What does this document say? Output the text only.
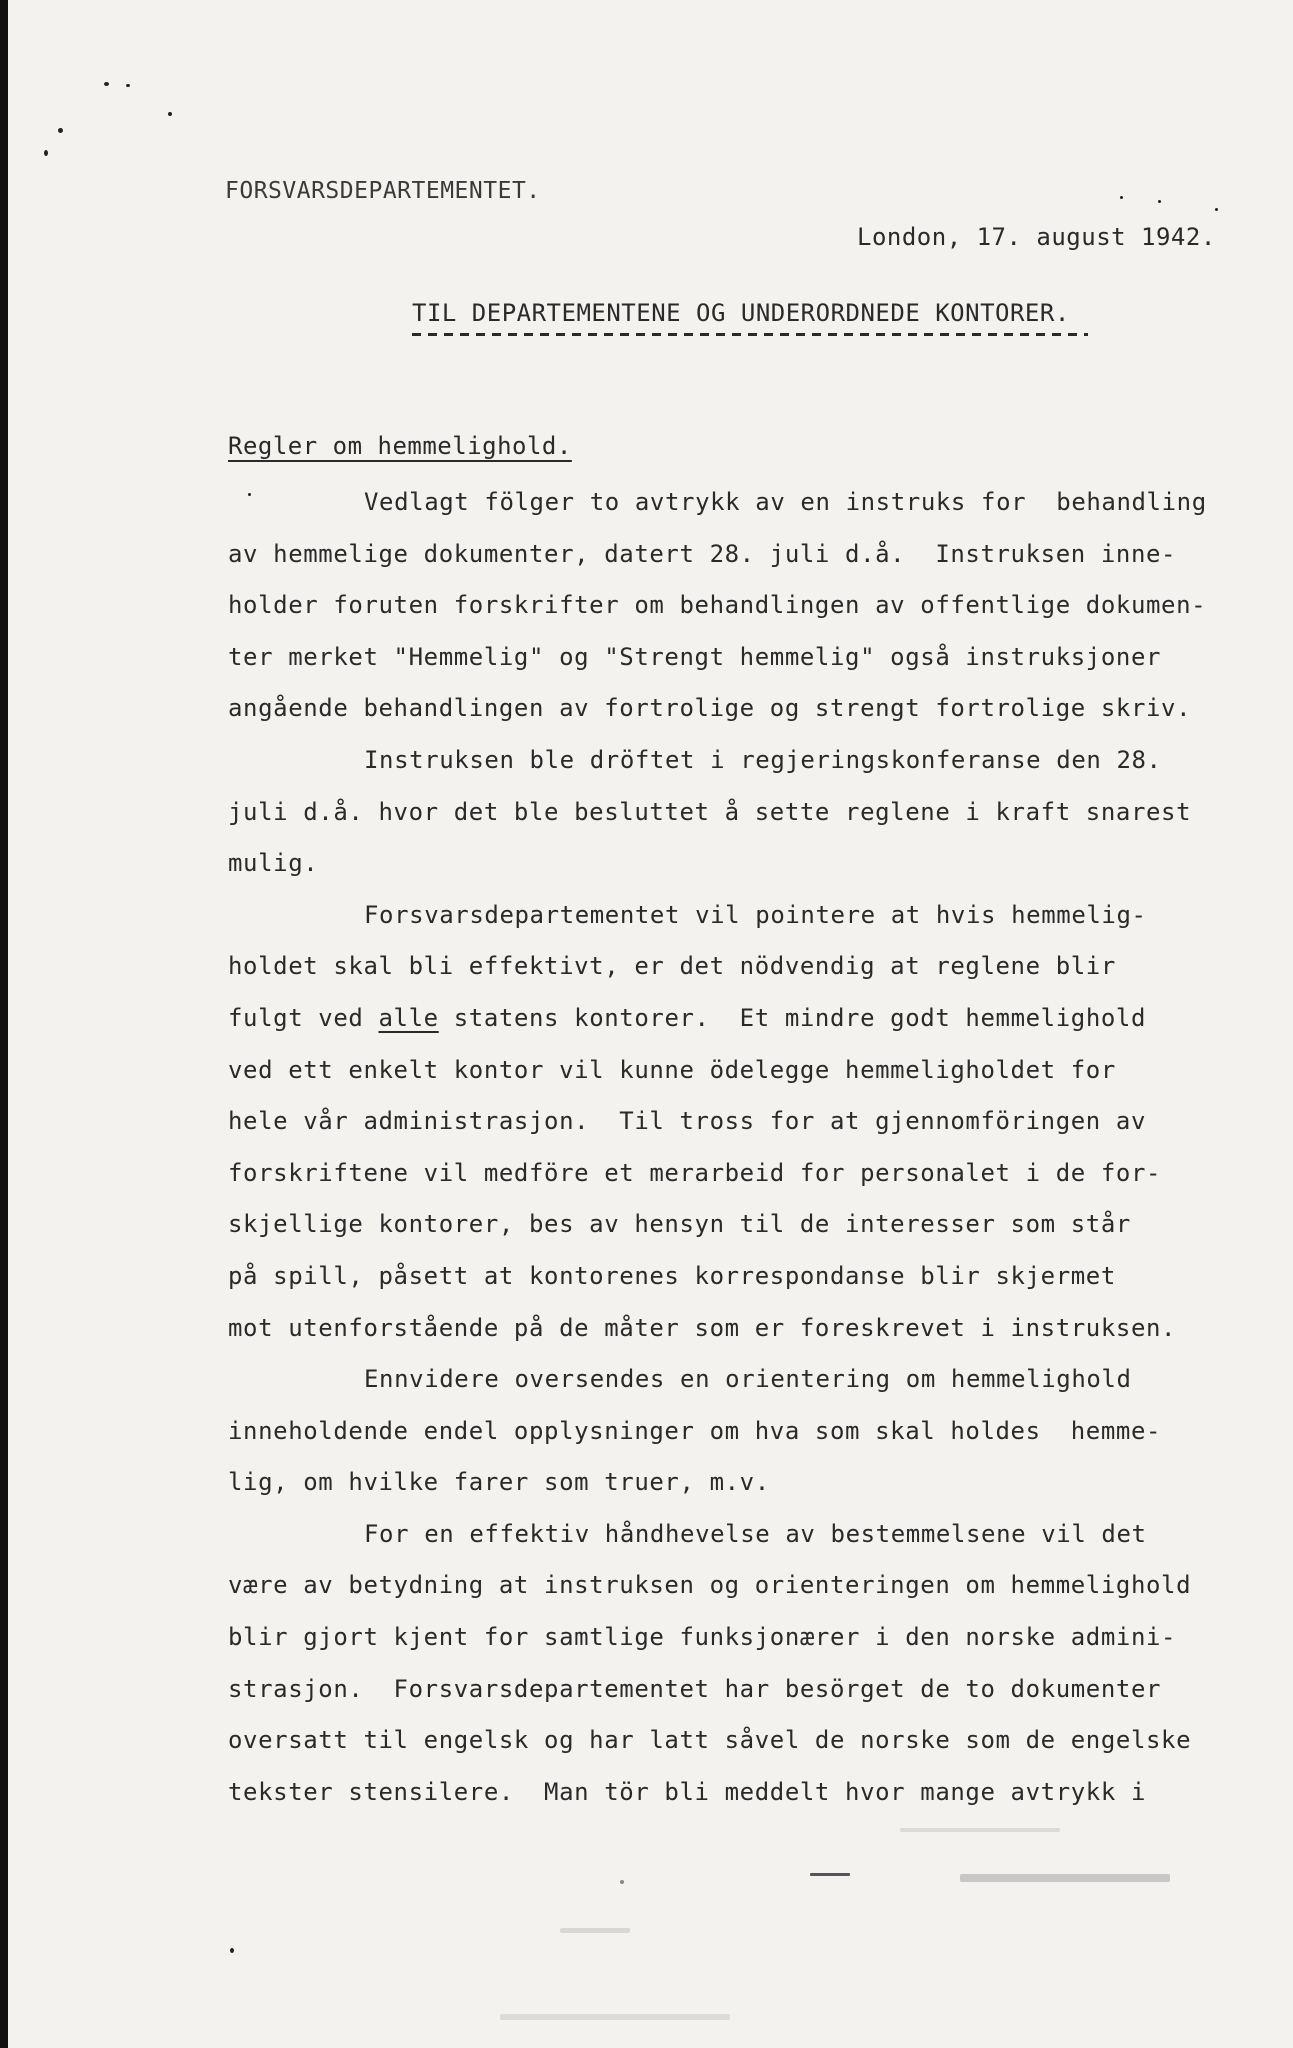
FORSVARSDEPARTEMENTET.
London, 17. august 1942.
TIL DEPARTEMENTENE OG UNDERORDNEDE KONTORER.
Regler om hemmelighold.
Vedlagt fölger to avtrykk av en instruks for  behandling
av hemmelige dokumenter, datert 28. juli d.å.  Instruksen inne-
holder foruten forskrifter om behandlingen av offentlige dokumen-
ter merket "Hemmelig" og "Strengt hemmelig" også instruksjoner
angående behandlingen av fortrolige og strengt fortrolige skriv.
Instruksen ble dröftet i regjeringskonferanse den 28.
juli d.å. hvor det ble besluttet å sette reglene i kraft snarest
mulig.
Forsvarsdepartementet vil pointere at hvis hemmelig-
holdet skal bli effektivt, er det nödvendig at reglene blir
fulgt ved alle statens kontorer.  Et mindre godt hemmelighold
ved ett enkelt kontor vil kunne ödelegge hemmeligholdet for
hele vår administrasjon.  Til tross for at gjennomföringen av
forskriftene vil medföre et merarbeid for personalet i de for-
skjellige kontorer, bes av hensyn til de interesser som står
på spill, påsett at kontorenes korrespondanse blir skjermet
mot utenforstående på de måter som er foreskrevet i instruksen.
Ennvidere oversendes en orientering om hemmelighold
inneholdende endel opplysninger om hva som skal holdes  hemme-
lig, om hvilke farer som truer, m.v.
For en effektiv håndhevelse av bestemmelsene vil det
være av betydning at instruksen og orienteringen om hemmelighold
blir gjort kjent for samtlige funksjonærer i den norske admini-
strasjon.  Forsvarsdepartementet har besörget de to dokumenter
oversatt til engelsk og har latt såvel de norske som de engelske
tekster stensilere.  Man tör bli meddelt hvor mange avtrykk i
